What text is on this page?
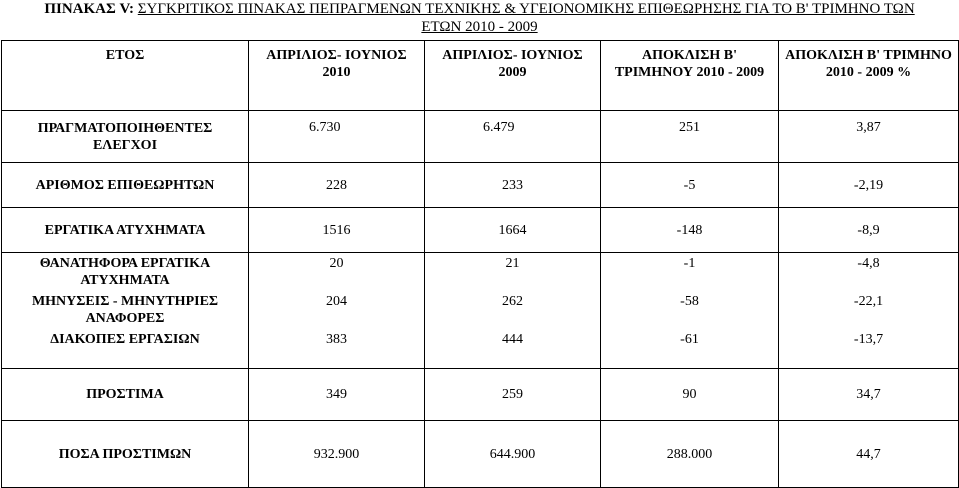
ΠΙΝΑΚΑΣ V: ΣΥΓΚΡΙΤΙΚΟΣ ΠΙΝΑΚΑΣ ΠΕΠΡΑΓΜΕΝΩΝ ΤΕΧΝΙΚΗΣ & ΥΓΕΙΟΝΟΜΙΚΗΣ ΕΠΙΘΕΩΡΗΣΗΣ ΓΙΑ ΤΟ Β' ΤΡΙΜΗΝΟ ΤΩΝ
ΕΤΩΝ 2010 - 2009
ΕΤΟΣ	ΑΠΡΙΛΙΟΣ- ΙΟΥΝΙΟΣ 2010	ΑΠΡΙΛΙΟΣ- ΙΟΥΝΙΟΣ 2009	ΑΠΟΚΛΙΣΗ Β' ΤΡΙΜΗΝΟΥ 2010 - 2009	ΑΠΟΚΛΙΣΗ Β' ΤΡΙΜΗΝΟ 2010 - 2009 %
ΠΡΑΓΜΑΤΟΠΟΙΗΘΕΝΤΕΣ ΕΛΕΓΧΟΙ	6.730	6.479	251	3,87
ΑΡΙΘΜΟΣ ΕΠΙΘΕΩΡΗΤΩΝ	228	233	-5	-2,19
ΕΡΓΑΤΙΚΑ ΑΤΥΧΗΜΑΤΑ	1516	1664	-148	-8,9
ΘΑΝΑΤΗΦΟΡΑ ΕΡΓΑΤΙΚΑ ΑΤΥΧΗΜΑΤΑ	20	21	-1	-4,8
ΜΗΝΥΣΕΙΣ - ΜΗΝΥΤΗΡΙΕΣ ΑΝΑΦΟΡΕΣ	204	262	-58	-22,1
ΔΙΑΚΟΠΕΣ ΕΡΓΑΣΙΩΝ	383	444	-61	-13,7
ΠΡΟΣΤΙΜΑ	349	259	90	34,7
ΠΟΣΑ ΠΡΟΣΤΙΜΩΝ	932.900	644.900	288.000	44,7
